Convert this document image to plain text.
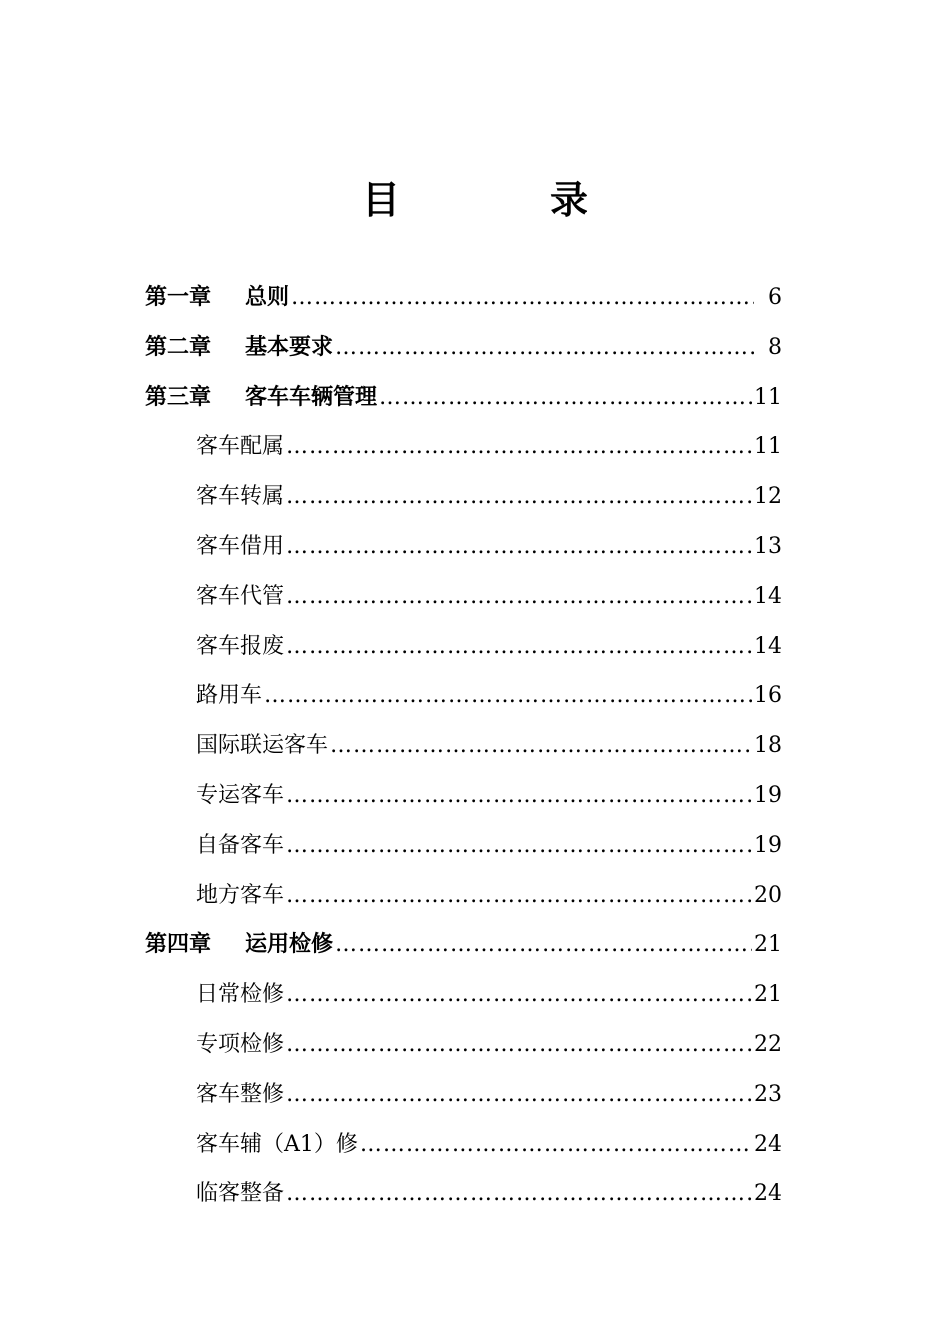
目	录
第一章 总则 ……………………………………………………………………………………………………………………………………………………………	6
第二章 基本要求 ……………………………………………………………………………………………………………………………………………………………	8
第三章 客车车辆管理 ……………………………………………………………………………………………………………………………………………………………	11
客车配属 ……………………………………………………………………………………………………………………………………………………………	11
客车转属 ……………………………………………………………………………………………………………………………………………………………	12
客车借用 ……………………………………………………………………………………………………………………………………………………………	13
客车代管 ……………………………………………………………………………………………………………………………………………………………	14
客车报废 ……………………………………………………………………………………………………………………………………………………………	14
路用车 ……………………………………………………………………………………………………………………………………………………………	16
国际联运客车 ……………………………………………………………………………………………………………………………………………………………	18
专运客车 ……………………………………………………………………………………………………………………………………………………………	19
自备客车 ……………………………………………………………………………………………………………………………………………………………	19
地方客车 ……………………………………………………………………………………………………………………………………………………………	20
第四章 运用检修 ……………………………………………………………………………………………………………………………………………………………	21
日常检修 ……………………………………………………………………………………………………………………………………………………………	21
专项检修 ……………………………………………………………………………………………………………………………………………………………	22
客车整修 ……………………………………………………………………………………………………………………………………………………………	23
客车辅（A1）修 ……………………………………………………………………………………………………………………………………………………………	24
临客整备 ……………………………………………………………………………………………………………………………………………………………	24
